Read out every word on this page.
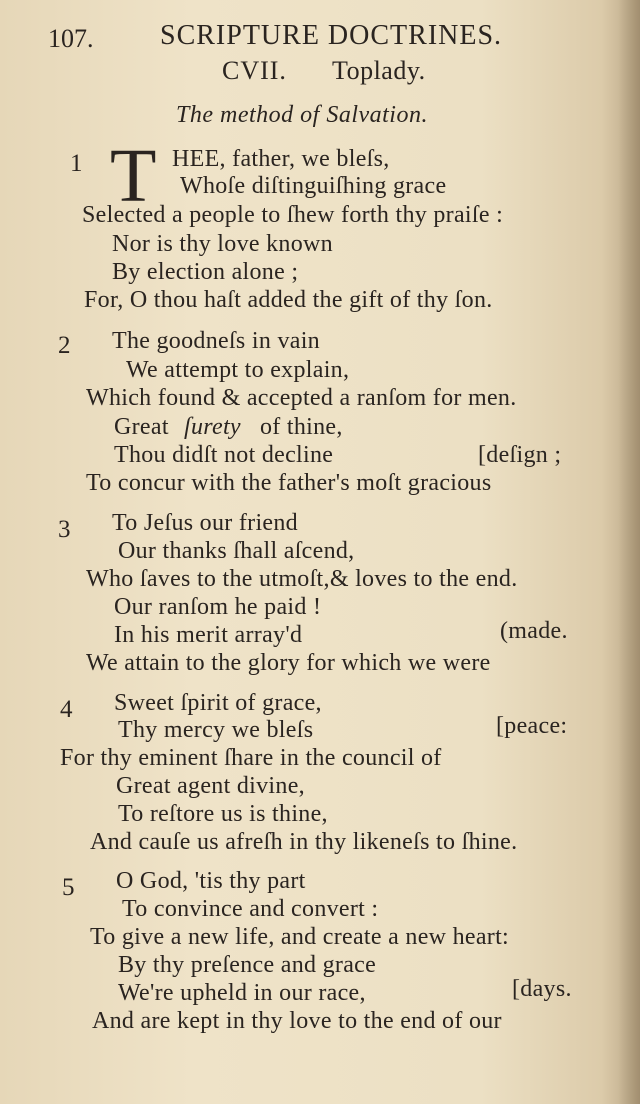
107. SCRIPTURE DOCTRINES.
CVII. Toplady.
The method of Salvation.
1 T HEE, father, we bleſs,
Whoſe diſtinguiſhing grace
Selected a people to ſhew forth thy praiſe :
Nor is thy love known
By election alone ;
For, O thou haſt added the gift of thy ſon.
2 The goodneſs in vain
We attempt to explain,
Which found & accepted a ranſom for men.
Great ſurety of thine,
Thou didſt not decline	[deſign ;
To concur with the father's moſt gracious
3 To Jeſus our friend
Our thanks ſhall aſcend,
Who ſaves to the utmoſt,& loves to the end.
Our ranſom he paid !
In his merit array'd	(made.
We attain to the glory for which we were
4 Sweet ſpirit of grace,
Thy mercy we bleſs	[peace:
For thy eminent ſhare in the council of
Great agent divine,
To reſtore us is thine,
And cauſe us afreſh in thy likeneſs to ſhine.
5 O God, 'tis thy part
To convince and convert :
To give a new life, and create a new heart:
By thy preſence and grace
We're upheld in our race,	[days.
And are kept in thy love to the end of our
